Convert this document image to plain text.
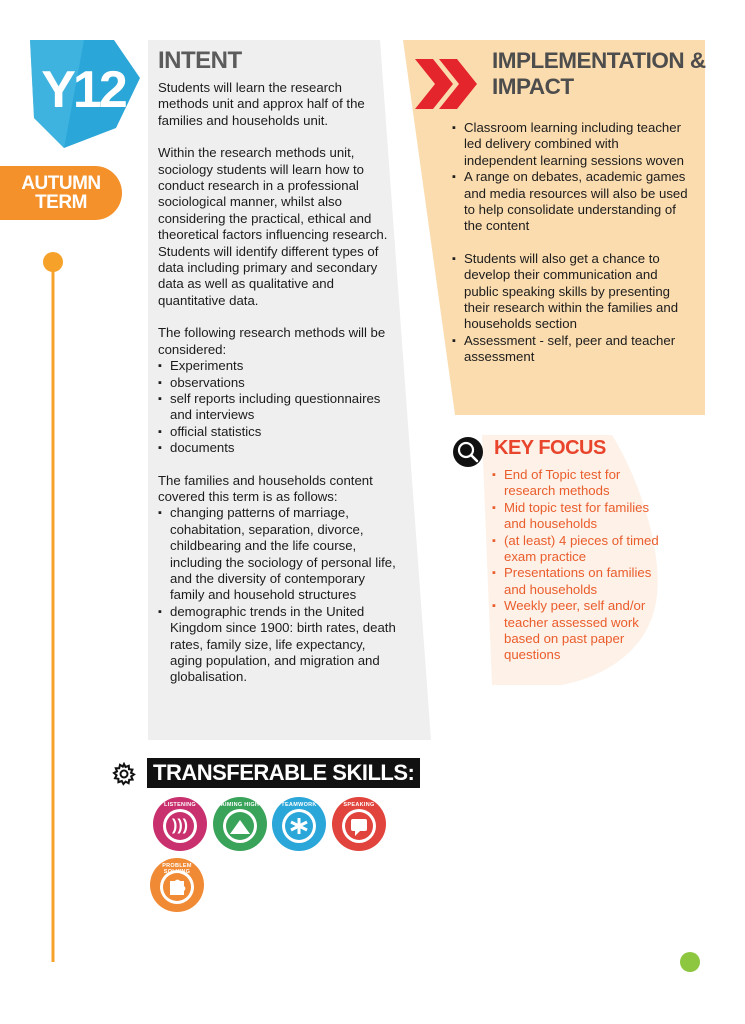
Y12
AUTUMN
TERM
INTENT

Students will learn the research methods unit and approx half of the families and households unit.

Within the research methods unit, sociology students will learn how to conduct research in a professional sociological manner, whilst also considering the practical, ethical and theoretical factors influencing research.

Students will identify different types of data including primary and secondary data as well as qualitative and quantitative data.

The following research methods will be considered:

▪ Experiments
▪ observations
▪ self reports including questionnaires and interviews
▪ official statistics
▪ documents

The families and households content covered this term is as follows:

▪ changing patterns of marriage, cohabitation, separation, divorce, childbearing and the life course, including the sociology of personal life, and the diversity of contemporary family and household structures
▪ demographic trends in the United Kingdom since 1900: birth rates, death rates, family size, life expectancy, aging population, and migration and globalisation.
IMPLEMENTATION & IMPACT
▪ Classroom learning including teacher led delivery combined with independent learning sessions woven
▪ A range on debates, academic games and media resources will also be used to help consolidate understanding of the content
▪ Students will also get a chance to develop their communication and public speaking skills by presenting their research within the families and households section
▪ Assessment - self, peer and teacher assessment
KEY FOCUS
▪ End of Topic test for research methods
▪ Mid topic test for families and households
▪ (at least) 4 pieces of timed exam practice
▪ Presentations on families and households
▪ Weekly peer, self and/or teacher assessed work based on past paper questions
TRANSFERABLE SKILLS:
LISTENING
)))
AIMING HIGH	TEAMWORK	SPEAKING
PROBLEM SOLVING
